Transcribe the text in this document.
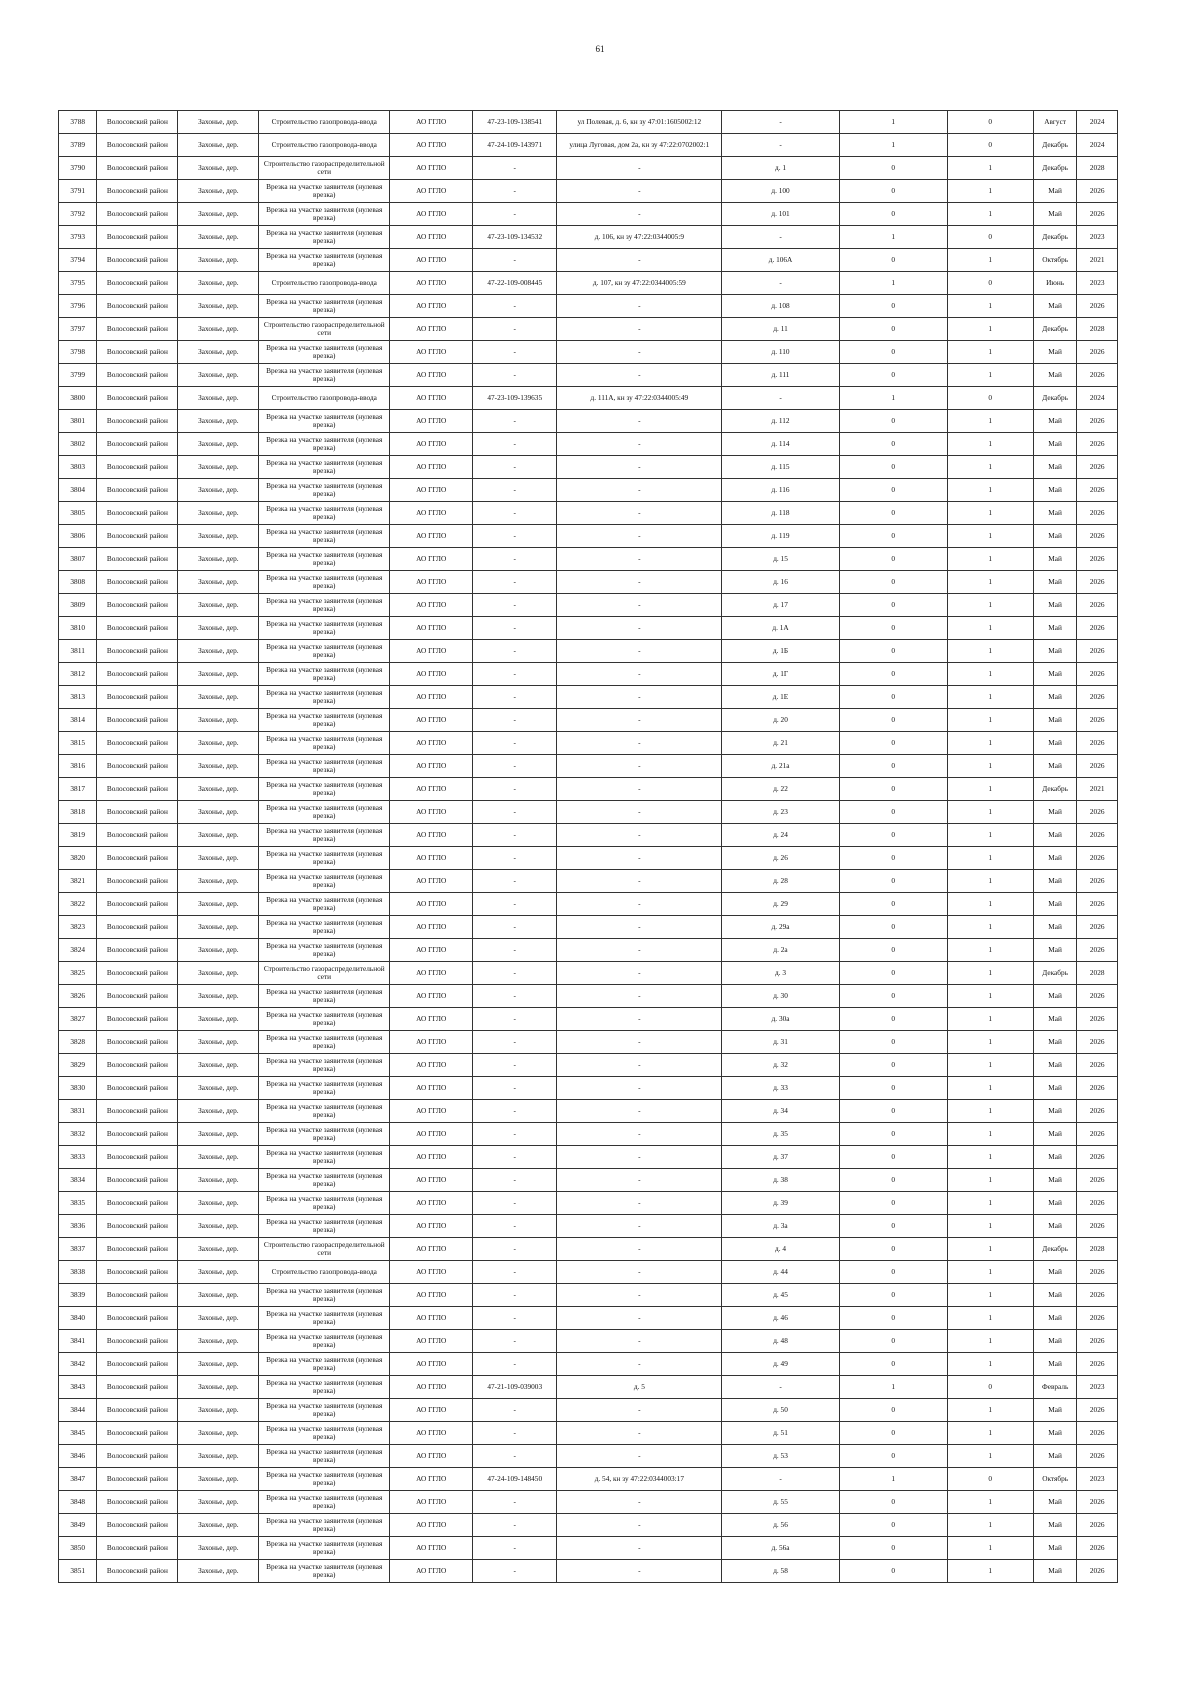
61
3788	Волосовский район	Захонье, дер.	Строительство газопровода-ввода	АО ГГЛО	47-23-109-138541	ул Полевая, д. 6, кн зу 47:01:1605002:12	-	1	0	Август	2024
3789	Волосовский район	Захонье, дер.	Строительство газопровода-ввода	АО ГГЛО	47-24-109-143971	улица Луговая, дом 2а, кн зу 47:22:0702002:1	-	1	0	Декабрь	2024
3790	Волосовский район	Захонье, дер.	Строительство газораспределительной сети	АО ГГЛО	-	-	д. 1	0	1	Декабрь	2028
3791	Волосовский район	Захонье, дер.	Врезка на участке заявителя (нулевая врезка)	АО ГГЛО	-	-	д. 100	0	1	Май	2026
3792	Волосовский район	Захонье, дер.	Врезка на участке заявителя (нулевая врезка)	АО ГГЛО	-	-	д. 101	0	1	Май	2026
3793	Волосовский район	Захонье, дер.	Врезка на участке заявителя (нулевая врезка)	АО ГГЛО	47-23-109-134532	д. 106, кн зу 47:22:0344005:9	-	1	0	Декабрь	2023
3794	Волосовский район	Захонье, дер.	Врезка на участке заявителя (нулевая врезка)	АО ГГЛО	-	-	д. 106А	0	1	Октябрь	2021
3795	Волосовский район	Захонье, дер.	Строительство газопровода-ввода	АО ГГЛО	47-22-109-008445	д. 107, кн зу 47:22:0344005:59	-	1	0	Июнь	2023
3796	Волосовский район	Захонье, дер.	Врезка на участке заявителя (нулевая врезка)	АО ГГЛО	-	-	д. 108	0	1	Май	2026
3797	Волосовский район	Захонье, дер.	Строительство газораспределительной сети	АО ГГЛО	-	-	д. 11	0	1	Декабрь	2028
3798	Волосовский район	Захонье, дер.	Врезка на участке заявителя (нулевая врезка)	АО ГГЛО	-	-	д. 110	0	1	Май	2026
3799	Волосовский район	Захонье, дер.	Врезка на участке заявителя (нулевая врезка)	АО ГГЛО	-	-	д. 111	0	1	Май	2026
3800	Волосовский район	Захонье, дер.	Строительство газопровода-ввода	АО ГГЛО	47-23-109-139635	д. 111А, кн зу 47:22:0344005:49	-	1	0	Декабрь	2024
3801	Волосовский район	Захонье, дер.	Врезка на участке заявителя (нулевая врезка)	АО ГГЛО	-	-	д. 112	0	1	Май	2026
3802	Волосовский район	Захонье, дер.	Врезка на участке заявителя (нулевая врезка)	АО ГГЛО	-	-	д. 114	0	1	Май	2026
3803	Волосовский район	Захонье, дер.	Врезка на участке заявителя (нулевая врезка)	АО ГГЛО	-	-	д. 115	0	1	Май	2026
3804	Волосовский район	Захонье, дер.	Врезка на участке заявителя (нулевая врезка)	АО ГГЛО	-	-	д. 116	0	1	Май	2026
3805	Волосовский район	Захонье, дер.	Врезка на участке заявителя (нулевая врезка)	АО ГГЛО	-	-	д. 118	0	1	Май	2026
3806	Волосовский район	Захонье, дер.	Врезка на участке заявителя (нулевая врезка)	АО ГГЛО	-	-	д. 119	0	1	Май	2026
3807	Волосовский район	Захонье, дер.	Врезка на участке заявителя (нулевая врезка)	АО ГГЛО	-	-	д. 15	0	1	Май	2026
3808	Волосовский район	Захонье, дер.	Врезка на участке заявителя (нулевая врезка)	АО ГГЛО	-	-	д. 16	0	1	Май	2026
3809	Волосовский район	Захонье, дер.	Врезка на участке заявителя (нулевая врезка)	АО ГГЛО	-	-	д. 17	0	1	Май	2026
3810	Волосовский район	Захонье, дер.	Врезка на участке заявителя (нулевая врезка)	АО ГГЛО	-	-	д. 1А	0	1	Май	2026
3811	Волосовский район	Захонье, дер.	Врезка на участке заявителя (нулевая врезка)	АО ГГЛО	-	-	д. 1Б	0	1	Май	2026
3812	Волосовский район	Захонье, дер.	Врезка на участке заявителя (нулевая врезка)	АО ГГЛО	-	-	д. 1Г	0	1	Май	2026
3813	Волосовский район	Захонье, дер.	Врезка на участке заявителя (нулевая врезка)	АО ГГЛО	-	-	д. 1Е	0	1	Май	2026
3814	Волосовский район	Захонье, дер.	Врезка на участке заявителя (нулевая врезка)	АО ГГЛО	-	-	д. 20	0	1	Май	2026
3815	Волосовский район	Захонье, дер.	Врезка на участке заявителя (нулевая врезка)	АО ГГЛО	-	-	д. 21	0	1	Май	2026
3816	Волосовский район	Захонье, дер.	Врезка на участке заявителя (нулевая врезка)	АО ГГЛО	-	-	д. 21а	0	1	Май	2026
3817	Волосовский район	Захонье, дер.	Врезка на участке заявителя (нулевая врезка)	АО ГГЛО	-	-	д. 22	0	1	Декабрь	2021
3818	Волосовский район	Захонье, дер.	Врезка на участке заявителя (нулевая врезка)	АО ГГЛО	-	-	д. 23	0	1	Май	2026
3819	Волосовский район	Захонье, дер.	Врезка на участке заявителя (нулевая врезка)	АО ГГЛО	-	-	д. 24	0	1	Май	2026
3820	Волосовский район	Захонье, дер.	Врезка на участке заявителя (нулевая врезка)	АО ГГЛО	-	-	д. 26	0	1	Май	2026
3821	Волосовский район	Захонье, дер.	Врезка на участке заявителя (нулевая врезка)	АО ГГЛО	-	-	д. 28	0	1	Май	2026
3822	Волосовский район	Захонье, дер.	Врезка на участке заявителя (нулевая врезка)	АО ГГЛО	-	-	д. 29	0	1	Май	2026
3823	Волосовский район	Захонье, дер.	Врезка на участке заявителя (нулевая врезка)	АО ГГЛО	-	-	д. 29а	0	1	Май	2026
3824	Волосовский район	Захонье, дер.	Врезка на участке заявителя (нулевая врезка)	АО ГГЛО	-	-	д. 2а	0	1	Май	2026
3825	Волосовский район	Захонье, дер.	Строительство газораспределительной сети	АО ГГЛО	-	-	д. 3	0	1	Декабрь	2028
3826	Волосовский район	Захонье, дер.	Врезка на участке заявителя (нулевая врезка)	АО ГГЛО	-	-	д. 30	0	1	Май	2026
3827	Волосовский район	Захонье, дер.	Врезка на участке заявителя (нулевая врезка)	АО ГГЛО	-	-	д. 30а	0	1	Май	2026
3828	Волосовский район	Захонье, дер.	Врезка на участке заявителя (нулевая врезка)	АО ГГЛО	-	-	д. 31	0	1	Май	2026
3829	Волосовский район	Захонье, дер.	Врезка на участке заявителя (нулевая врезка)	АО ГГЛО	-	-	д. 32	0	1	Май	2026
3830	Волосовский район	Захонье, дер.	Врезка на участке заявителя (нулевая врезка)	АО ГГЛО	-	-	д. 33	0	1	Май	2026
3831	Волосовский район	Захонье, дер.	Врезка на участке заявителя (нулевая врезка)	АО ГГЛО	-	-	д. 34	0	1	Май	2026
3832	Волосовский район	Захонье, дер.	Врезка на участке заявителя (нулевая врезка)	АО ГГЛО	-	-	д. 35	0	1	Май	2026
3833	Волосовский район	Захонье, дер.	Врезка на участке заявителя (нулевая врезка)	АО ГГЛО	-	-	д. 37	0	1	Май	2026
3834	Волосовский район	Захонье, дер.	Врезка на участке заявителя (нулевая врезка)	АО ГГЛО	-	-	д. 38	0	1	Май	2026
3835	Волосовский район	Захонье, дер.	Врезка на участке заявителя (нулевая врезка)	АО ГГЛО	-	-	д. 39	0	1	Май	2026
3836	Волосовский район	Захонье, дер.	Врезка на участке заявителя (нулевая врезка)	АО ГГЛО	-	-	д. 3а	0	1	Май	2026
3837	Волосовский район	Захонье, дер.	Строительство газораспределительной сети	АО ГГЛО	-	-	д. 4	0	1	Декабрь	2028
3838	Волосовский район	Захонье, дер.	Строительство газопровода-ввода	АО ГГЛО	-	-	д. 44	0	1	Май	2026
3839	Волосовский район	Захонье, дер.	Врезка на участке заявителя (нулевая врезка)	АО ГГЛО	-	-	д. 45	0	1	Май	2026
3840	Волосовский район	Захонье, дер.	Врезка на участке заявителя (нулевая врезка)	АО ГГЛО	-	-	д. 46	0	1	Май	2026
3841	Волосовский район	Захонье, дер.	Врезка на участке заявителя (нулевая врезка)	АО ГГЛО	-	-	д. 48	0	1	Май	2026
3842	Волосовский район	Захонье, дер.	Врезка на участке заявителя (нулевая врезка)	АО ГГЛО	-	-	д. 49	0	1	Май	2026
3843	Волосовский район	Захонье, дер.	Врезка на участке заявителя (нулевая врезка)	АО ГГЛО	47-21-109-039003	д. 5	-	1	0	Февраль	2023
3844	Волосовский район	Захонье, дер.	Врезка на участке заявителя (нулевая врезка)	АО ГГЛО	-	-	д. 50	0	1	Май	2026
3845	Волосовский район	Захонье, дер.	Врезка на участке заявителя (нулевая врезка)	АО ГГЛО	-	-	д. 51	0	1	Май	2026
3846	Волосовский район	Захонье, дер.	Врезка на участке заявителя (нулевая врезка)	АО ГГЛО	-	-	д. 53	0	1	Май	2026
3847	Волосовский район	Захонье, дер.	Врезка на участке заявителя (нулевая врезка)	АО ГГЛО	47-24-109-148450	д. 54, кн зу 47:22:0344003:17	-	1	0	Октябрь	2023
3848	Волосовский район	Захонье, дер.	Врезка на участке заявителя (нулевая врезка)	АО ГГЛО	-	-	д. 55	0	1	Май	2026
3849	Волосовский район	Захонье, дер.	Врезка на участке заявителя (нулевая врезка)	АО ГГЛО	-	-	д. 56	0	1	Май	2026
3850	Волосовский район	Захонье, дер.	Врезка на участке заявителя (нулевая врезка)	АО ГГЛО	-	-	д. 56а	0	1	Май	2026
3851	Волосовский район	Захонье, дер.	Врезка на участке заявителя (нулевая врезка)	АО ГГЛО	-	-	д. 58	0	1	Май	2026
